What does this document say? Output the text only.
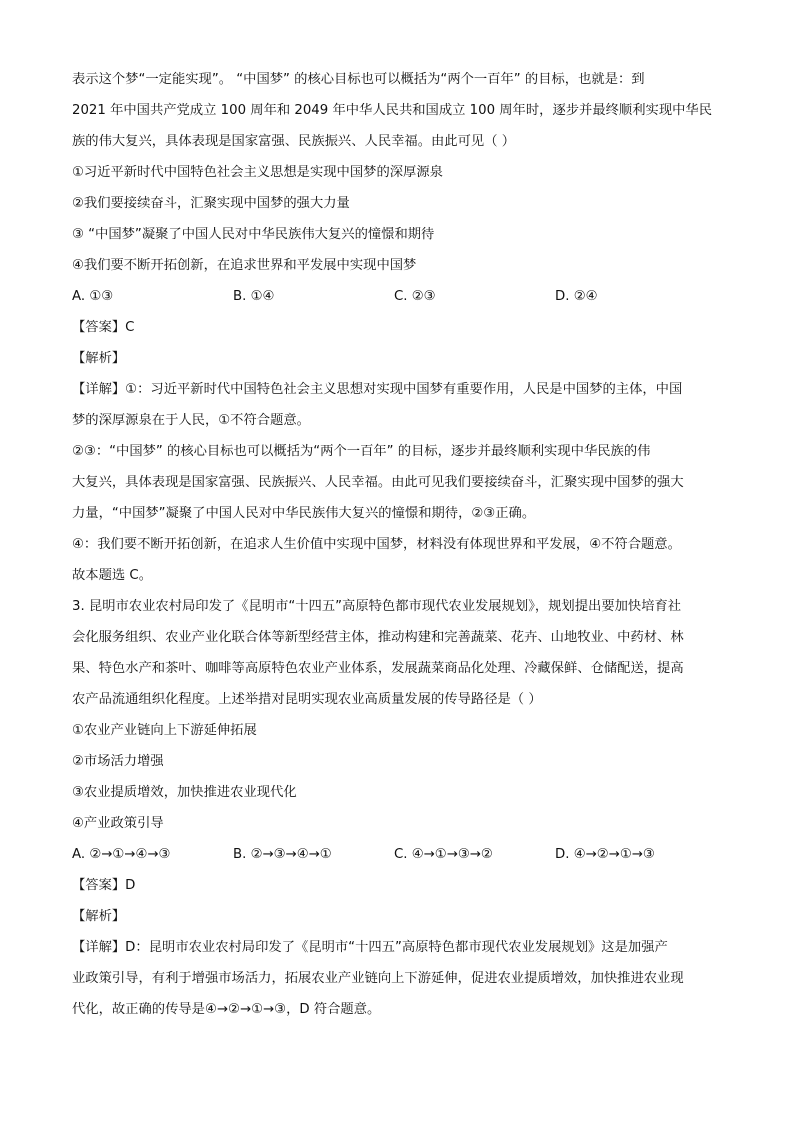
表示这个梦“一定能实现”。 “中国梦” 的核心目标也可以概括为“两个一百年” 的目标，也就是：到

2021 年中国共产党成立 100 周年和 2049 年中华人民共和国成立 100 周年时，逐步并最终顺利实现中华民

族的伟大复兴，具体表现是国家富强、民族振兴、人民幸福。由此可见（ ）

①习近平新时代中国特色社会主义思想是实现中国梦的深厚源泉

②我们要接续奋斗，汇聚实现中国梦的强大力量

③ “中国梦”凝聚了中国人民对中华民族伟大复兴的憧憬和期待

④我们要不断开拓创新，在追求世界和平发展中实现中国梦

A. ①③	B. ①④	C. ②③	D. ②④

【答案】C

【解析】

【详解】①：习近平新时代中国特色社会主义思想对实现中国梦有重要作用，人民是中国梦的主体，中国

梦的深厚源泉在于人民，①不符合题意。

②③：“中国梦” 的核心目标也可以概括为“两个一百年” 的目标，逐步并最终顺利实现中华民族的伟

大复兴，具体表现是国家富强、民族振兴、人民幸福。由此可见我们要接续奋斗，汇聚实现中国梦的强大

力量，“中国梦”凝聚了中国人民对中华民族伟大复兴的憧憬和期待，②③正确。

④：我们要不断开拓创新，在追求人生价值中实现中国梦，材料没有体现世界和平发展，④不符合题意。

故本题选 C。

3. 昆明市农业农村局印发了《昆明市“十四五”高原特色都市现代农业发展规划》，规划提出要加快培育社

会化服务组织、农业产业化联合体等新型经营主体，推动构建和完善蔬菜、花卉、山地牧业、中药材、林

果、特色水产和茶叶、咖啡等高原特色农业产业体系，发展蔬菜商品化处理、冷藏保鲜、仓储配送，提高

农产品流通组织化程度。上述举措对昆明实现农业高质量发展的传导路径是（ ）

①农业产业链向上下游延伸拓展

②市场活力增强

③农业提质增效，加快推进农业现代化

④产业政策引导

A. ②→①→④→③	B. ②→③→④→①	C. ④→①→③→②	D. ④→②→①→③

【答案】D

【解析】

【详解】D：昆明市农业农村局印发了《昆明市“十四五”高原特色都市现代农业发展规划》这是加强产

业政策引导，有利于增强市场活力，拓展农业产业链向上下游延伸，促进农业提质增效，加快推进农业现

代化，故正确的传导是④→②→①→③，D 符合题意。
